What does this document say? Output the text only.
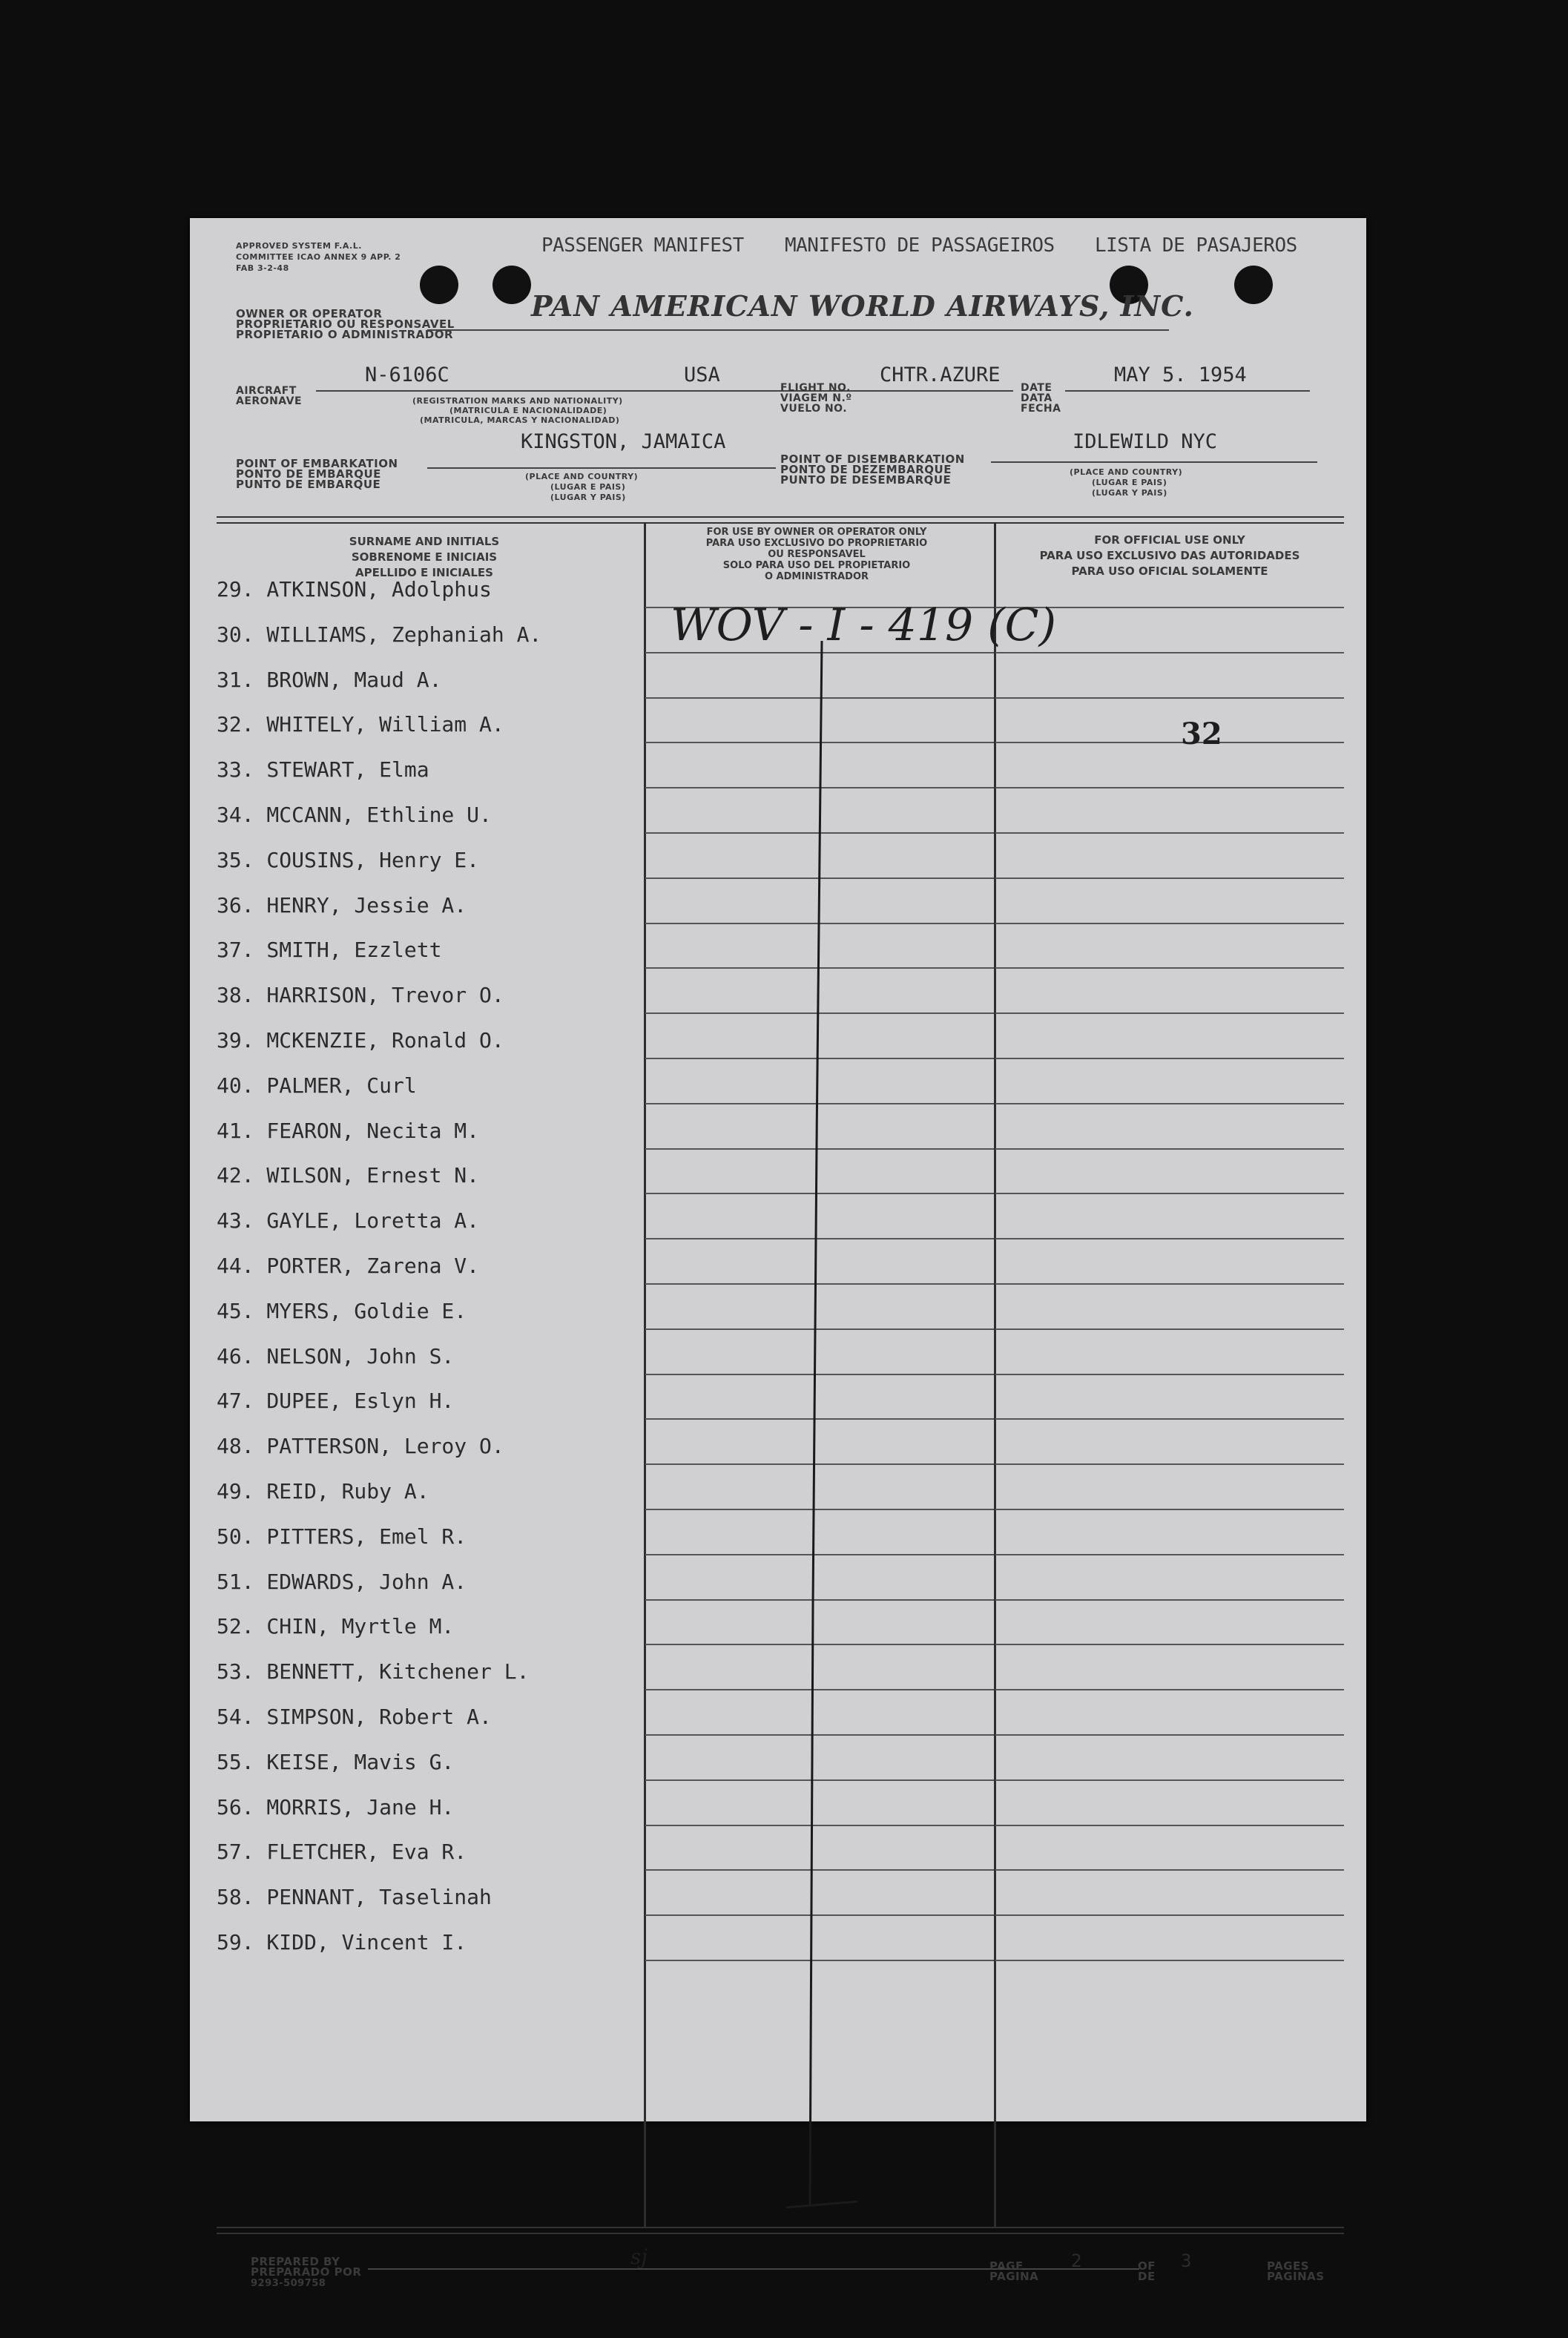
APPROVED SYSTEM F.A.L. COMMITTEE ICAO ANNEX 9 APP. 2 FAB 3-2-48
PASSENGER MANIFEST MANIFESTO DE PASSAGEIROS LISTA DE PASAJEROS
OWNER OR OPERATOR
PROPRIETARIO OU RESPONSAVEL
PROPIETARIO O ADMINISTRADOR
PAN AMERICAN WORLD AIRWAYS, INC.
AIRCRAFT
AERONAVE
N-6106C	USA
(REGISTRATION MARKS AND NATIONALITY)
(MATRICULA E NACIONALIDADE)
(MATRICULA, MARCAS Y NACIONALIDAD)
FLIGHT NO.
VIAGEM N.º
VUELO NO.
CHTR.AZURE
DATE
DATA
FECHA
MAY 5. 1954
KINGSTON, JAMAICA
POINT OF EMBARKATION
PONTO DE EMBARQUE
PUNTO DE EMBARQUE
(PLACE AND COUNTRY)
(LUGAR E PAIS)
(LUGAR Y PAIS)
POINT OF DISEMBARKATION
PONTO DE DEZEMBARQUE
PUNTO DE DESEMBARQUE
IDLEWILD NYC
(PLACE AND COUNTRY)
(LUGAR E PAIS)
(LUGAR Y PAIS)
SURNAME AND INITIALS
SOBRENOME E INICIAIS
APELLIDO E INICIALES
FOR USE BY OWNER OR OPERATOR ONLY
PARA USO EXCLUSIVO DO PROPRIETARIO
OU RESPONSAVEL
SOLO PARA USO DEL PROPIETARIO
O ADMINISTRADOR
FOR OFFICIAL USE ONLY
PARA USO EXCLUSIVO DAS AUTORIDADES
PARA USO OFICIAL SOLAMENTE
29. ATKINSON, Adolphus
30. WILLIAMS, Zephaniah A.
31. BROWN, Maud A.
32. WHITELY, William A.
33. STEWART, Elma
34. MCCANN, Ethline U.
35. COUSINS, Henry E.
36. HENRY, Jessie A.
37. SMITH, Ezzlett
38. HARRISON, Trevor O.
39. MCKENZIE, Ronald O.
40. PALMER, Curl
41. FEARON, Necita M.
42. WILSON, Ernest N.
43. GAYLE, Loretta A.
44. PORTER, Zarena V.
45. MYERS, Goldie E.
46. NELSON, John S.
47. DUPEE, Eslyn H.
48. PATTERSON, Leroy O.
49. REID, Ruby A.
50. PITTERS, Emel R.
51. EDWARDS, John A.
52. CHIN, Myrtle M.
53. BENNETT, Kitchener L.
54. SIMPSON, Robert A.
55. KEISE, Mavis G.
56. MORRIS, Jane H.
57. FLETCHER, Eva R.
58. PENNANT, Taselinah
59. KIDD, Vincent I.
WOV - I - 419 (C)
32
PREPARED BY
PREPARADO POR
9293-509758
sj	PAGE
PAGINA
2	OF
DE
3	PAGES
PAGINAS
